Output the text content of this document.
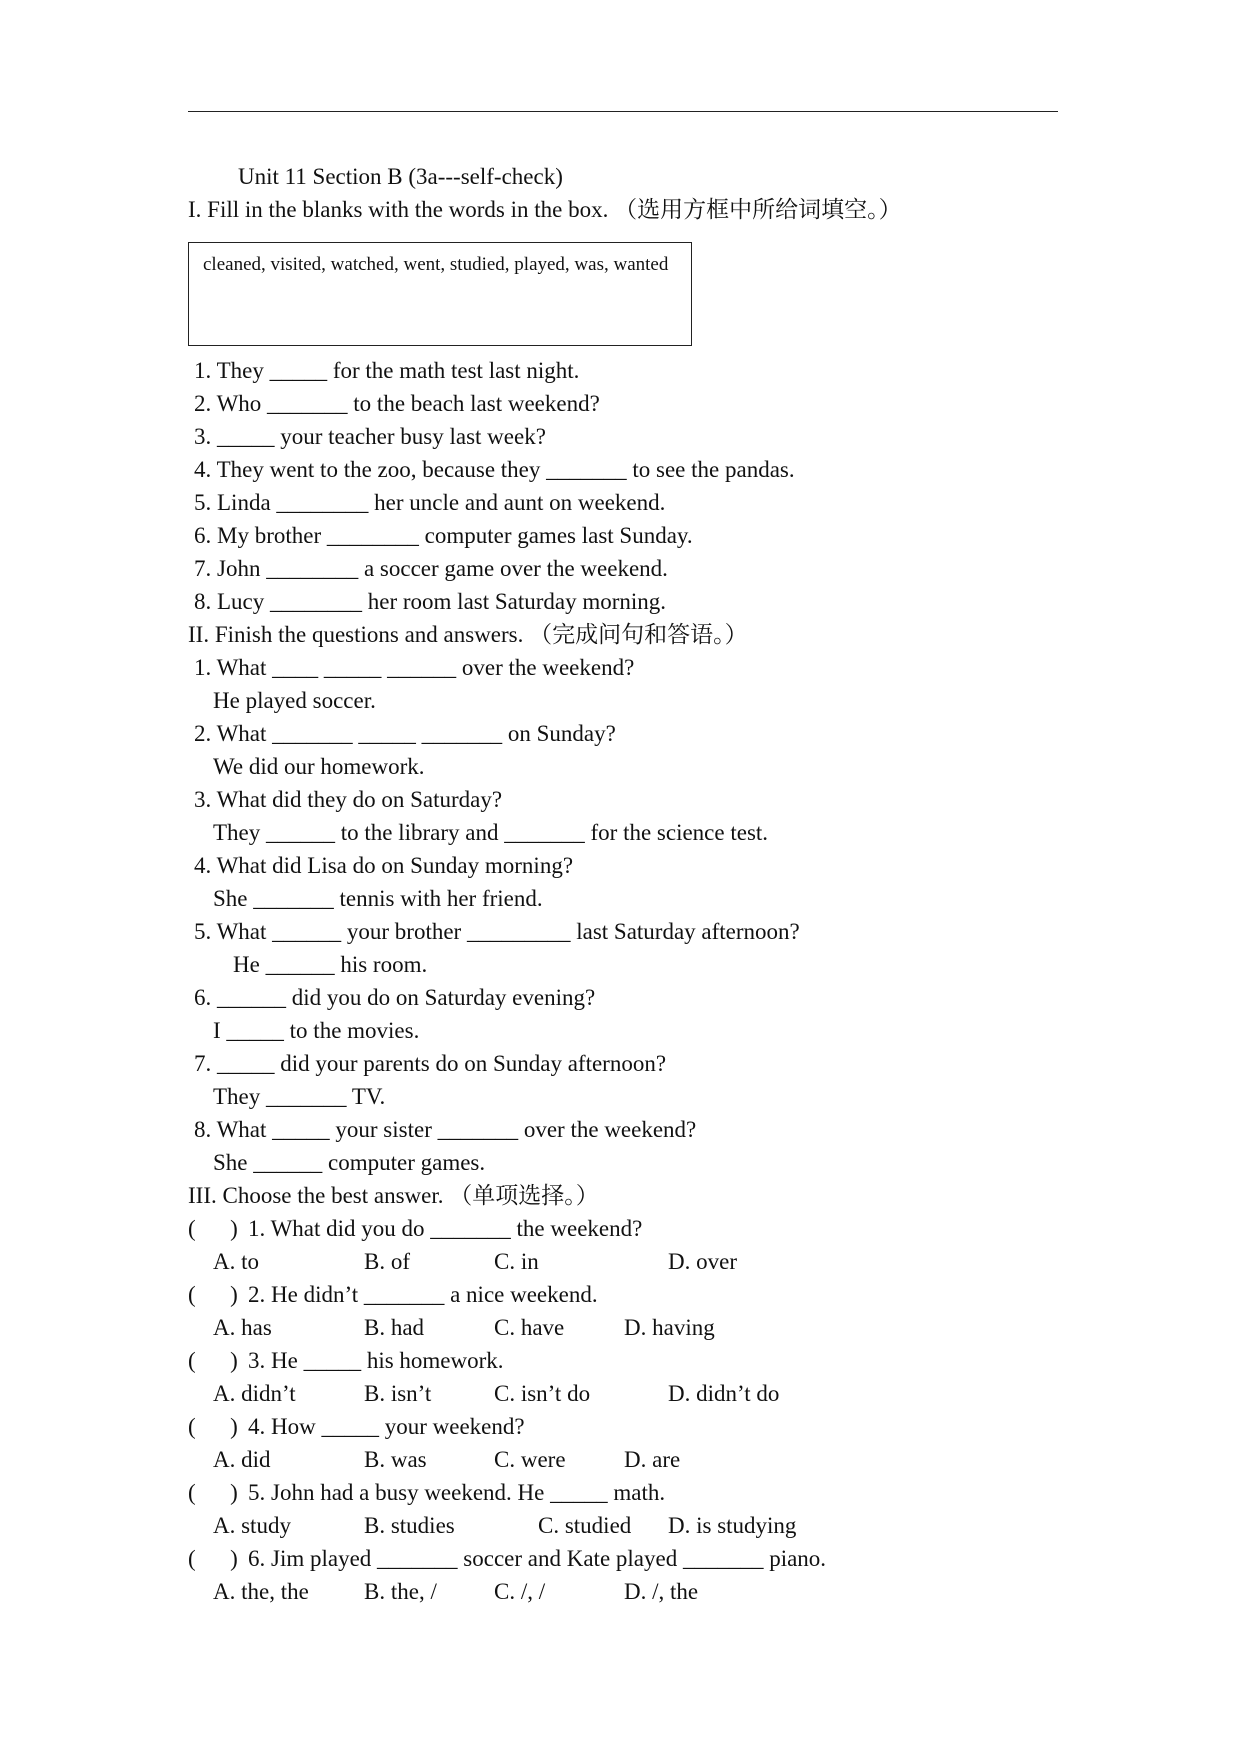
Unit 11 Section B (3a---self-check)
I. Fill in the blanks with the words in the box. （选用方框中所给词填空。）
cleaned, visited, watched, went, studied, played, was, wanted
1. They _____ for the math test last night.
2. Who _______ to the beach last weekend?
3. _____ your teacher busy last week?
4. They went to the zoo, because they _______ to see the pandas.
5. Linda ________ her uncle and aunt on weekend.
6. My brother ________ computer games last Sunday.
7. John ________ a soccer game over the weekend.
8. Lucy ________ her room last Saturday morning.
II. Finish the questions and answers. （完成问句和答语。）
1. What ____ _____ ______ over the weekend?
He played soccer.
2. What _______ _____ _______ on Sunday?
We did our homework.
3. What did they do on Saturday?
They ______ to the library and _______ for the science test.
4. What did Lisa do on Sunday morning?
She _______ tennis with her friend.
5. What ______ your brother _________ last Saturday afternoon?
He ______ his room.
6. ______ did you do on Saturday evening?
I _____ to the movies.
7. _____ did your parents do on Sunday afternoon?
They _______ TV.
8. What _____ your sister _______ over the weekend?
She ______ computer games.
III. Choose the best answer. （单项选择。）
(      ) 1. What did you do _______ the weekend?
A. to	B. of	C. in	D. over
(      ) 2. He didn’t _______ a nice weekend.
A. has	B. had	C. have	D. having
(      ) 3. He _____ his homework.
A. didn’t	B. isn’t	C. isn’t do	D. didn’t do
(      ) 4. How _____ your weekend?
A. did	B. was	C. were	D. are
(      ) 5. John had a busy weekend. He _____ math.
A. study	B. studies	C. studied D. is studying
(      ) 6. Jim played _______ soccer and Kate played _______ piano.
A. the, the B. the, / C. /, /	D. /, the
